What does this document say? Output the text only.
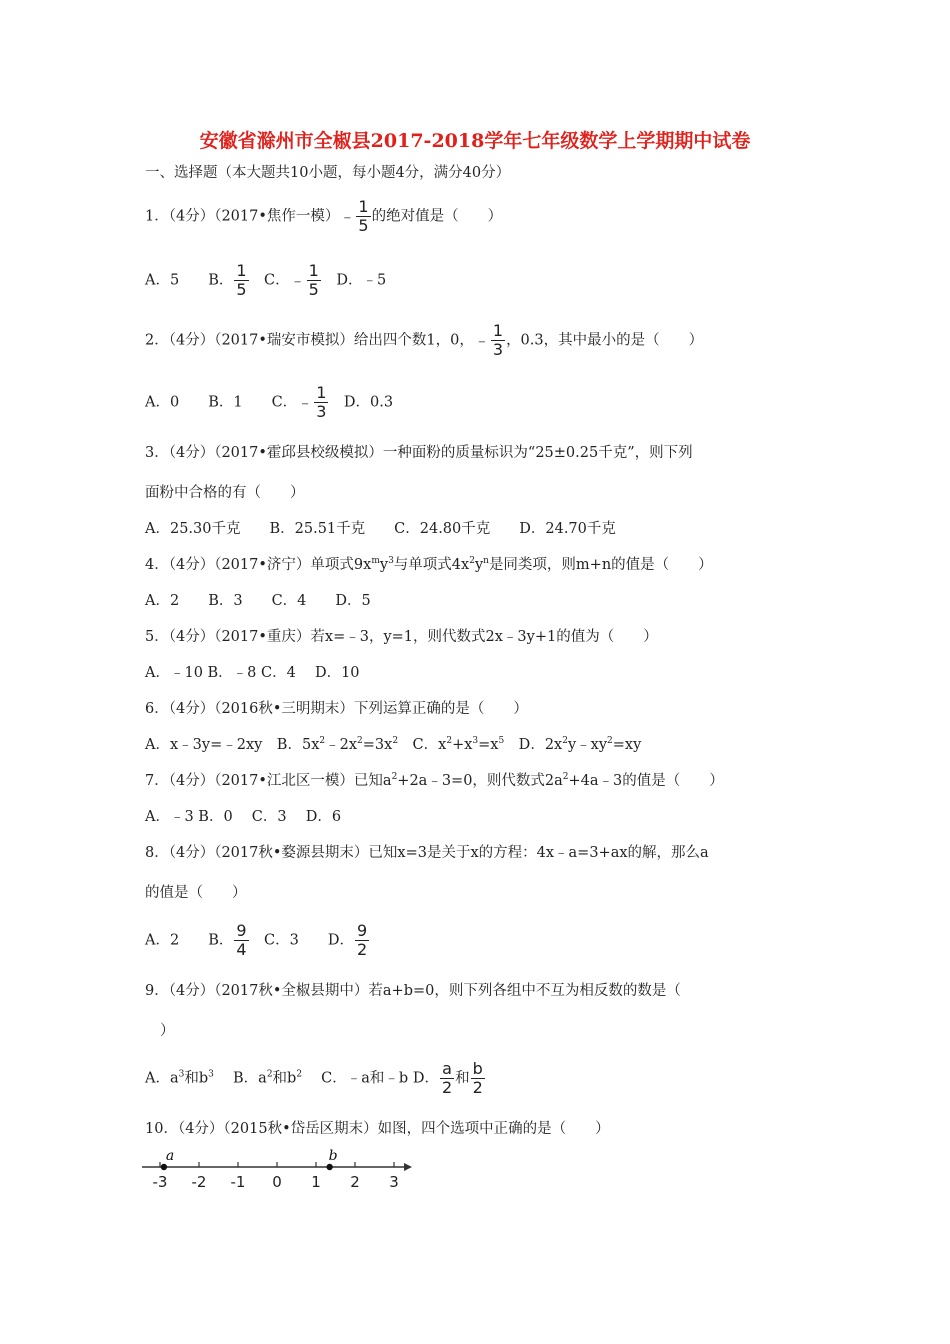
安徽省滁州市全椒县2017-2018学年七年级数学上学期期中试卷
一、选择题（本大题共10小题，每小题4分，满分40分）
1．（4分）（2017•焦作一模）﹣ $\frac{1}{5}$ 的绝对值是（　　）
A．5　　B． $\frac{1}{5}$ 　C．﹣ $\frac{1}{5}$ 　D．﹣5
2．（4分）（2017•瑞安市模拟）给出四个数1，0，﹣ $\frac{1}{3}$ ，0.3，其中最小的是（　　）
A．0　　B．1　　C．﹣ $\frac{1}{3}$ 　D．0.3
3．（4分）（2017•霍邱县校级模拟）一种面粉的质量标识为“25±0.25千克”，则下列
面粉中合格的有（　　）
A．25.30千克　　B．25.51千克　　C．24.80千克　　D．24.70千克
4．（4分）（2017•济宁）单项式$9x^my^3$与单项式$4x^2y^n$是同类项，则m+n的值是（　　）
A．2　　B．3　　C．4　　D．5
5．（4分）（2017•重庆）若x=﹣3，y=1，则代数式2x﹣3y+1的值为（　　）
A．﹣10 B．﹣8 C．4　 D．10
6．（4分）（2016秋•三明期末）下列运算正确的是（　　）
A．x﹣3y=﹣2xy　B．$5x^2﹣2x^2=3x^2$　C．$x^2+x^3=x^5$　D．$2x^2y﹣xy^2=xy$
7．（4分）（2017•江北区一模）已知$a^2+2a﹣3=0$，则代数式$2a^2+4a﹣3$的值是（　　）
A．﹣3 B．0　 C．3　 D．6
8．（4分）（2017秋•婺源县期末）已知x=3是关于x的方程：4x﹣a=3+ax的解，那么a
的值是（　　）
A．2　　B． $\frac{9}{4}$ 　C．3　　D． $\frac{9}{2}$
9．（4分）（2017秋•全椒县期中）若a+b=0，则下列各组中不互为相反数的数是（
）
A．$a^3$和$b^3$　 B．$a^2$和$b^2$　 C．﹣a和﹣b D． $\frac{a}{2}$ 和 $\frac{b}{2}$
10．（4分）（2015秋•岱岳区期末）如图，四个选项中正确的是（　　）
-3 -2 -1 0 1 2 3
a	b
